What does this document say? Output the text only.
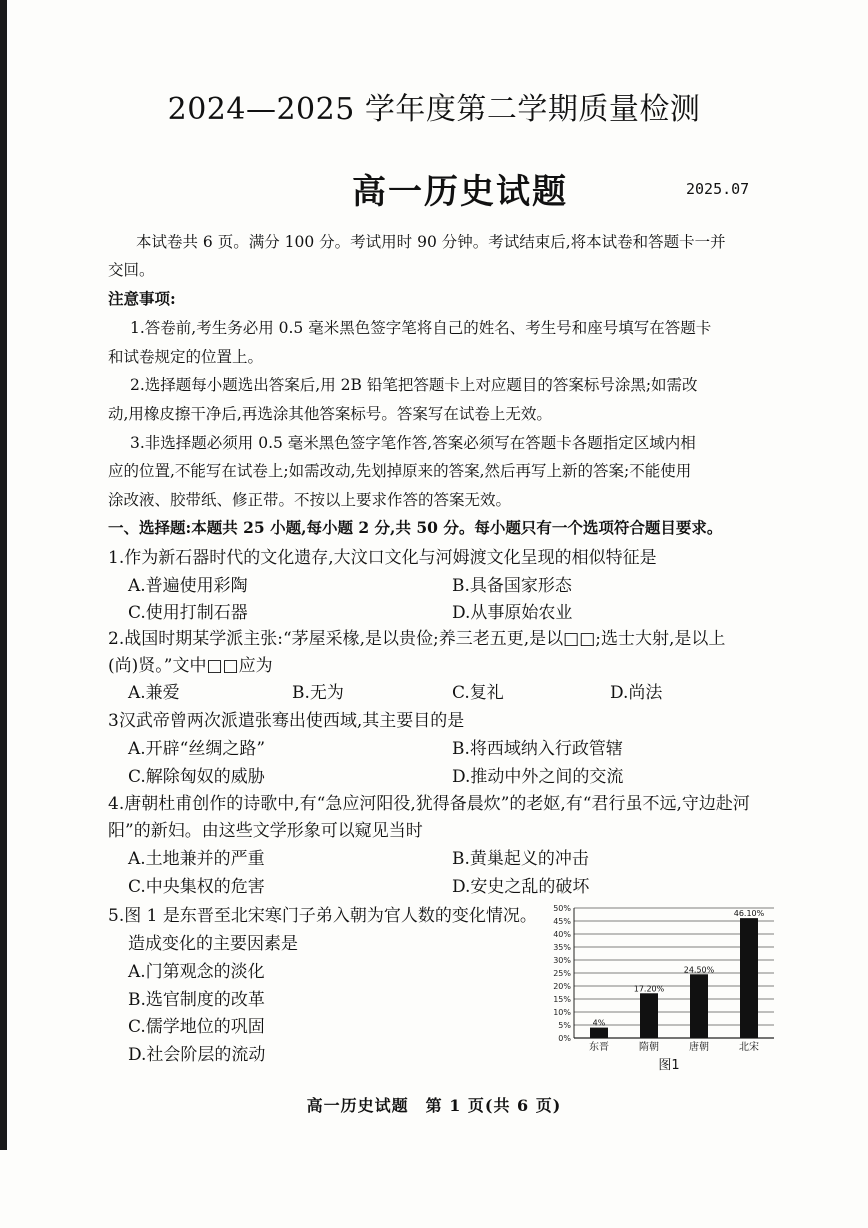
2024—2025 学年度第二学期质量检测
高一历史试题	2025.07
本试卷共 6 页。满分 100 分。考试用时 90 分钟。考试结束后,将本试卷和答题卡一并
交回。
注意事项:
1.答卷前,考生务必用 0.5 毫米黑色签字笔将自己的姓名、考生号和座号填写在答题卡
和试卷规定的位置上。
2.选择题每小题选出答案后,用 2B 铅笔把答题卡上对应题目的答案标号涂黑;如需改
动,用橡皮擦干净后,再选涂其他答案标号。答案写在试卷上无效。
3.非选择题必须用 0.5 毫米黑色签字笔作答,答案必须写在答题卡各题指定区域内相
应的位置,不能写在试卷上;如需改动,先划掉原来的答案,然后再写上新的答案;不能使用
涂改液、胶带纸、修正带。不按以上要求作答的答案无效。
一、选择题:本题共 25 小题,每小题 2 分,共 50 分。每小题只有一个选项符合题目要求。
1.作为新石器时代的文化遗存,大汶口文化与河姆渡文化呈现的相似特征是
A.普遍使用彩陶	B.具备国家形态
C.使用打制石器	D.从事原始农业
2.战国时期某学派主张:“茅屋采椽,是以贵俭;养三老五更,是以□□;选士大射,是以上
(尚)贤。”文中□□应为
A.兼爱	B.无为	C.复礼	D.尚法
3汉武帝曾两次派遣张骞出使西域,其主要目的是
A.开辟“丝绸之路”	B.将西域纳入行政管辖
C.解除匈奴的威胁	D.推动中外之间的交流
4.唐朝杜甫创作的诗歌中,有“急应河阳役,犹得备晨炊”的老妪,有“君行虽不远,守边赴河
阳”的新妇。由这些文学形象可以窥见当时
A.土地兼并的严重	B.黄巢起义的冲击
C.中央集权的危害	D.安史之乱的破坏
5.图 1 是东晋至北宋寒门子弟入朝为官人数的变化情况。
造成变化的主要因素是
A.门第观念的淡化
B.选官制度的改革
C.儒学地位的巩固
D.社会阶层的流动
0%
5%
10%
15%
20%
25%
30%
35%
40%
45%
50%
4%
17.20%
24.50%
46.10%
东晋	隋朝	唐朝	北宋
图1
高一历史试题　第 1 页(共 6 页)
